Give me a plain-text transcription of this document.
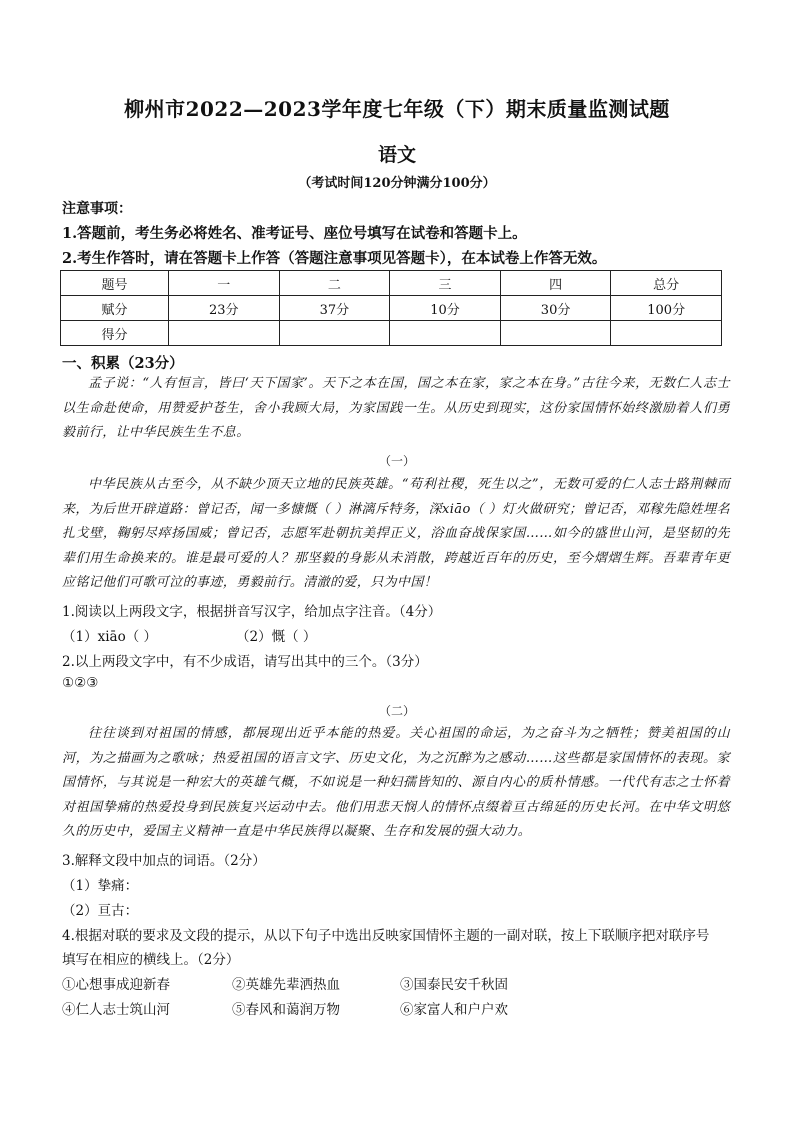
柳州市2022—2023学年度七年级（下）期末质量监测试题
语文
（考试时间120分钟满分100分）
注意事项：
1.答题前，考生务必将姓名、准考证号、座位号填写在试卷和答题卡上。
2.考生作答时，请在答题卡上作答（答题注意事项见答题卡），在本试卷上作答无效。
题号	一	二	三	四	总分
赋分	23分	37分	10分	30分	100分
得分					
一、积累（23分）
孟子说：“人有恒言，皆曰‘天下国家’。天下之本在国，国之本在家，家之本在身。”古往今来，无数仁人志士以生命赴使命，用赞爱护苍生，舍小我顾大局，为家国践一生。从历史到现实，这份家国情怀始终激励着人们勇毅前行，让中华民族生生不息。
（一）
中华民族从古至今，从不缺少顶天立地的民族英雄。“苟利社稷，死生以之”，无数可爱的仁人志士路荆棘而来，为后世开辟道路：曾记否，闻一多慷慨（ ）淋漓斥特务，深xiāo（ ）灯火做研究；曾记否，邓稼先隐姓埋名扎戈壁，鞠躬尽瘁扬国威；曾记否，志愿军赴朝抗美捍正义，浴血奋战保家国……如今的盛世山河，是坚韧的先辈们用生命换来的。谁是最可爱的人？那坚毅的身影从未消散，跨越近百年的历史，至今熠熠生辉。吾辈青年更应铭记他们可歌可泣的事迹，勇毅前行。清澈的爱，只为中国！
1.阅读以上两段文字，根据拼音写汉字，给加点字注音。（4分）
（1）xiāo（ ）	（2）慨（ ）
2.以上两段文字中，有不少成语，请写出其中的三个。（3分）
①②③
（二）
往往谈到对祖国的情感，都展现出近乎本能的热爱。关心祖国的命运，为之奋斗为之牺牲；赞美祖国的山河，为之描画为之歌咏；热爱祖国的语言文字、历史文化，为之沉醉为之感动……这些都是家国情怀的表现。家国情怀，与其说是一种宏大的英雄气概，不如说是一种妇孺皆知的、源自内心的质朴情感。一代代有志之士怀着对祖国挚痛的热爱投身到民族复兴运动中去。他们用悲天悯人的情怀点缀着亘古绵延的历史长河。在中华文明悠久的历史中，爱国主义精神一直是中华民族得以凝聚、生存和发展的强大动力。
3.解释文段中加点的词语。（2分）
（1）挚痛：
（2）亘古：
4.根据对联的要求及文段的提示，从以下句子中选出反映家国情怀主题的一副对联，按上下联顺序把对联序号
填写在相应的横线上。（2分）
①心想事成迎新春	②英雄先辈洒热血	③国泰民安千秋固
④仁人志士筑山河	⑤春风和蔼润万物	⑥家富人和户户欢
